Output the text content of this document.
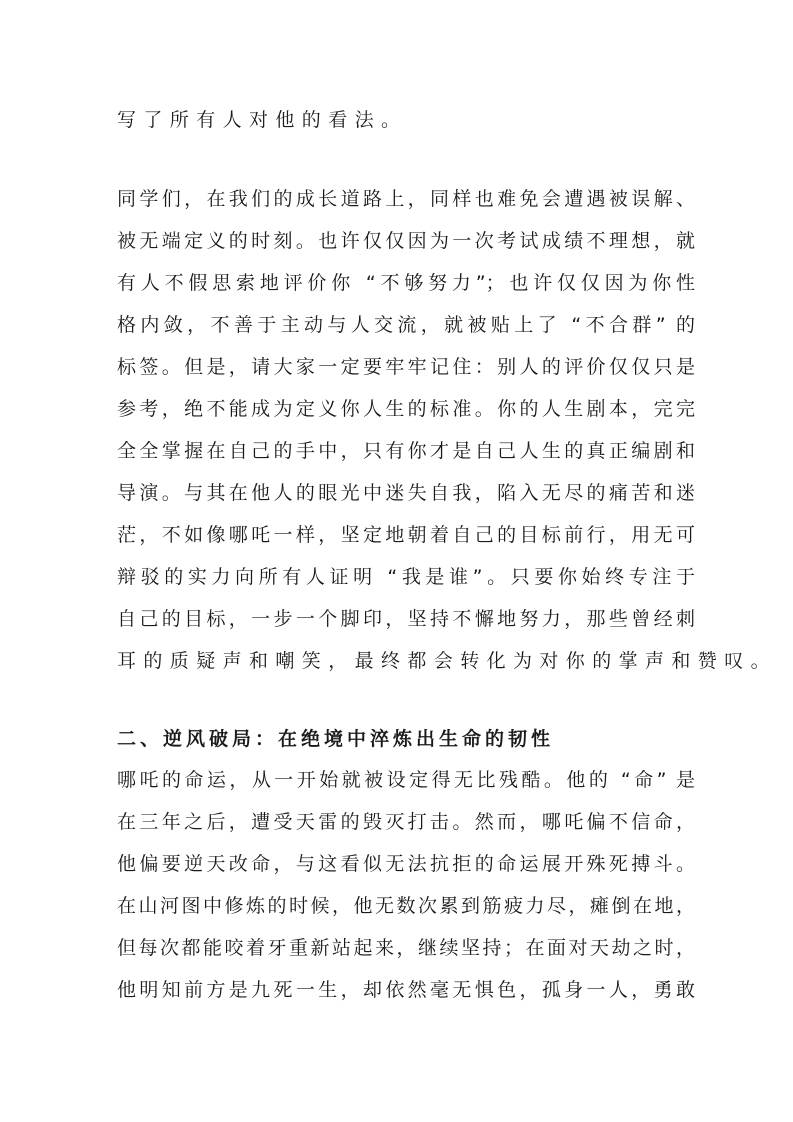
写了所有人对他的看法。
同学们，在我们的成长道路上，同样也难免会遭遇被误解、
被无端定义的时刻。也许仅仅因为一次考试成绩不理想，就
有人不假思索地评价你 “不够努力”；也许仅仅因为你性
格内敛，不善于主动与人交流，就被贴上了 “不合群” 的
标签。但是，请大家一定要牢牢记住：别人的评价仅仅只是
参考，绝不能成为定义你人生的标准。你的人生剧本，完完
全全掌握在自己的手中，只有你才是自己人生的真正编剧和
导演。与其在他人的眼光中迷失自我，陷入无尽的痛苦和迷
茫，不如像哪吒一样，坚定地朝着自己的目标前行，用无可
辩驳的实力向所有人证明 “我是谁”。只要你始终专注于
自己的目标，一步一个脚印，坚持不懈地努力，那些曾经刺
耳的质疑声和嘲笑，最终都会转化为对你的掌声和赞叹。
二、逆风破局：在绝境中淬炼出生命的韧性
哪吒的命运，从一开始就被设定得无比残酷。他的 “命” 是
在三年之后，遭受天雷的毁灭打击。然而，哪吒偏不信命，
他偏要逆天改命，与这看似无法抗拒的命运展开殊死搏斗。
在山河图中修炼的时候，他无数次累到筋疲力尽，瘫倒在地，
但每次都能咬着牙重新站起来，继续坚持；在面对天劫之时，
他明知前方是九死一生，却依然毫无惧色，孤身一人，勇敢
